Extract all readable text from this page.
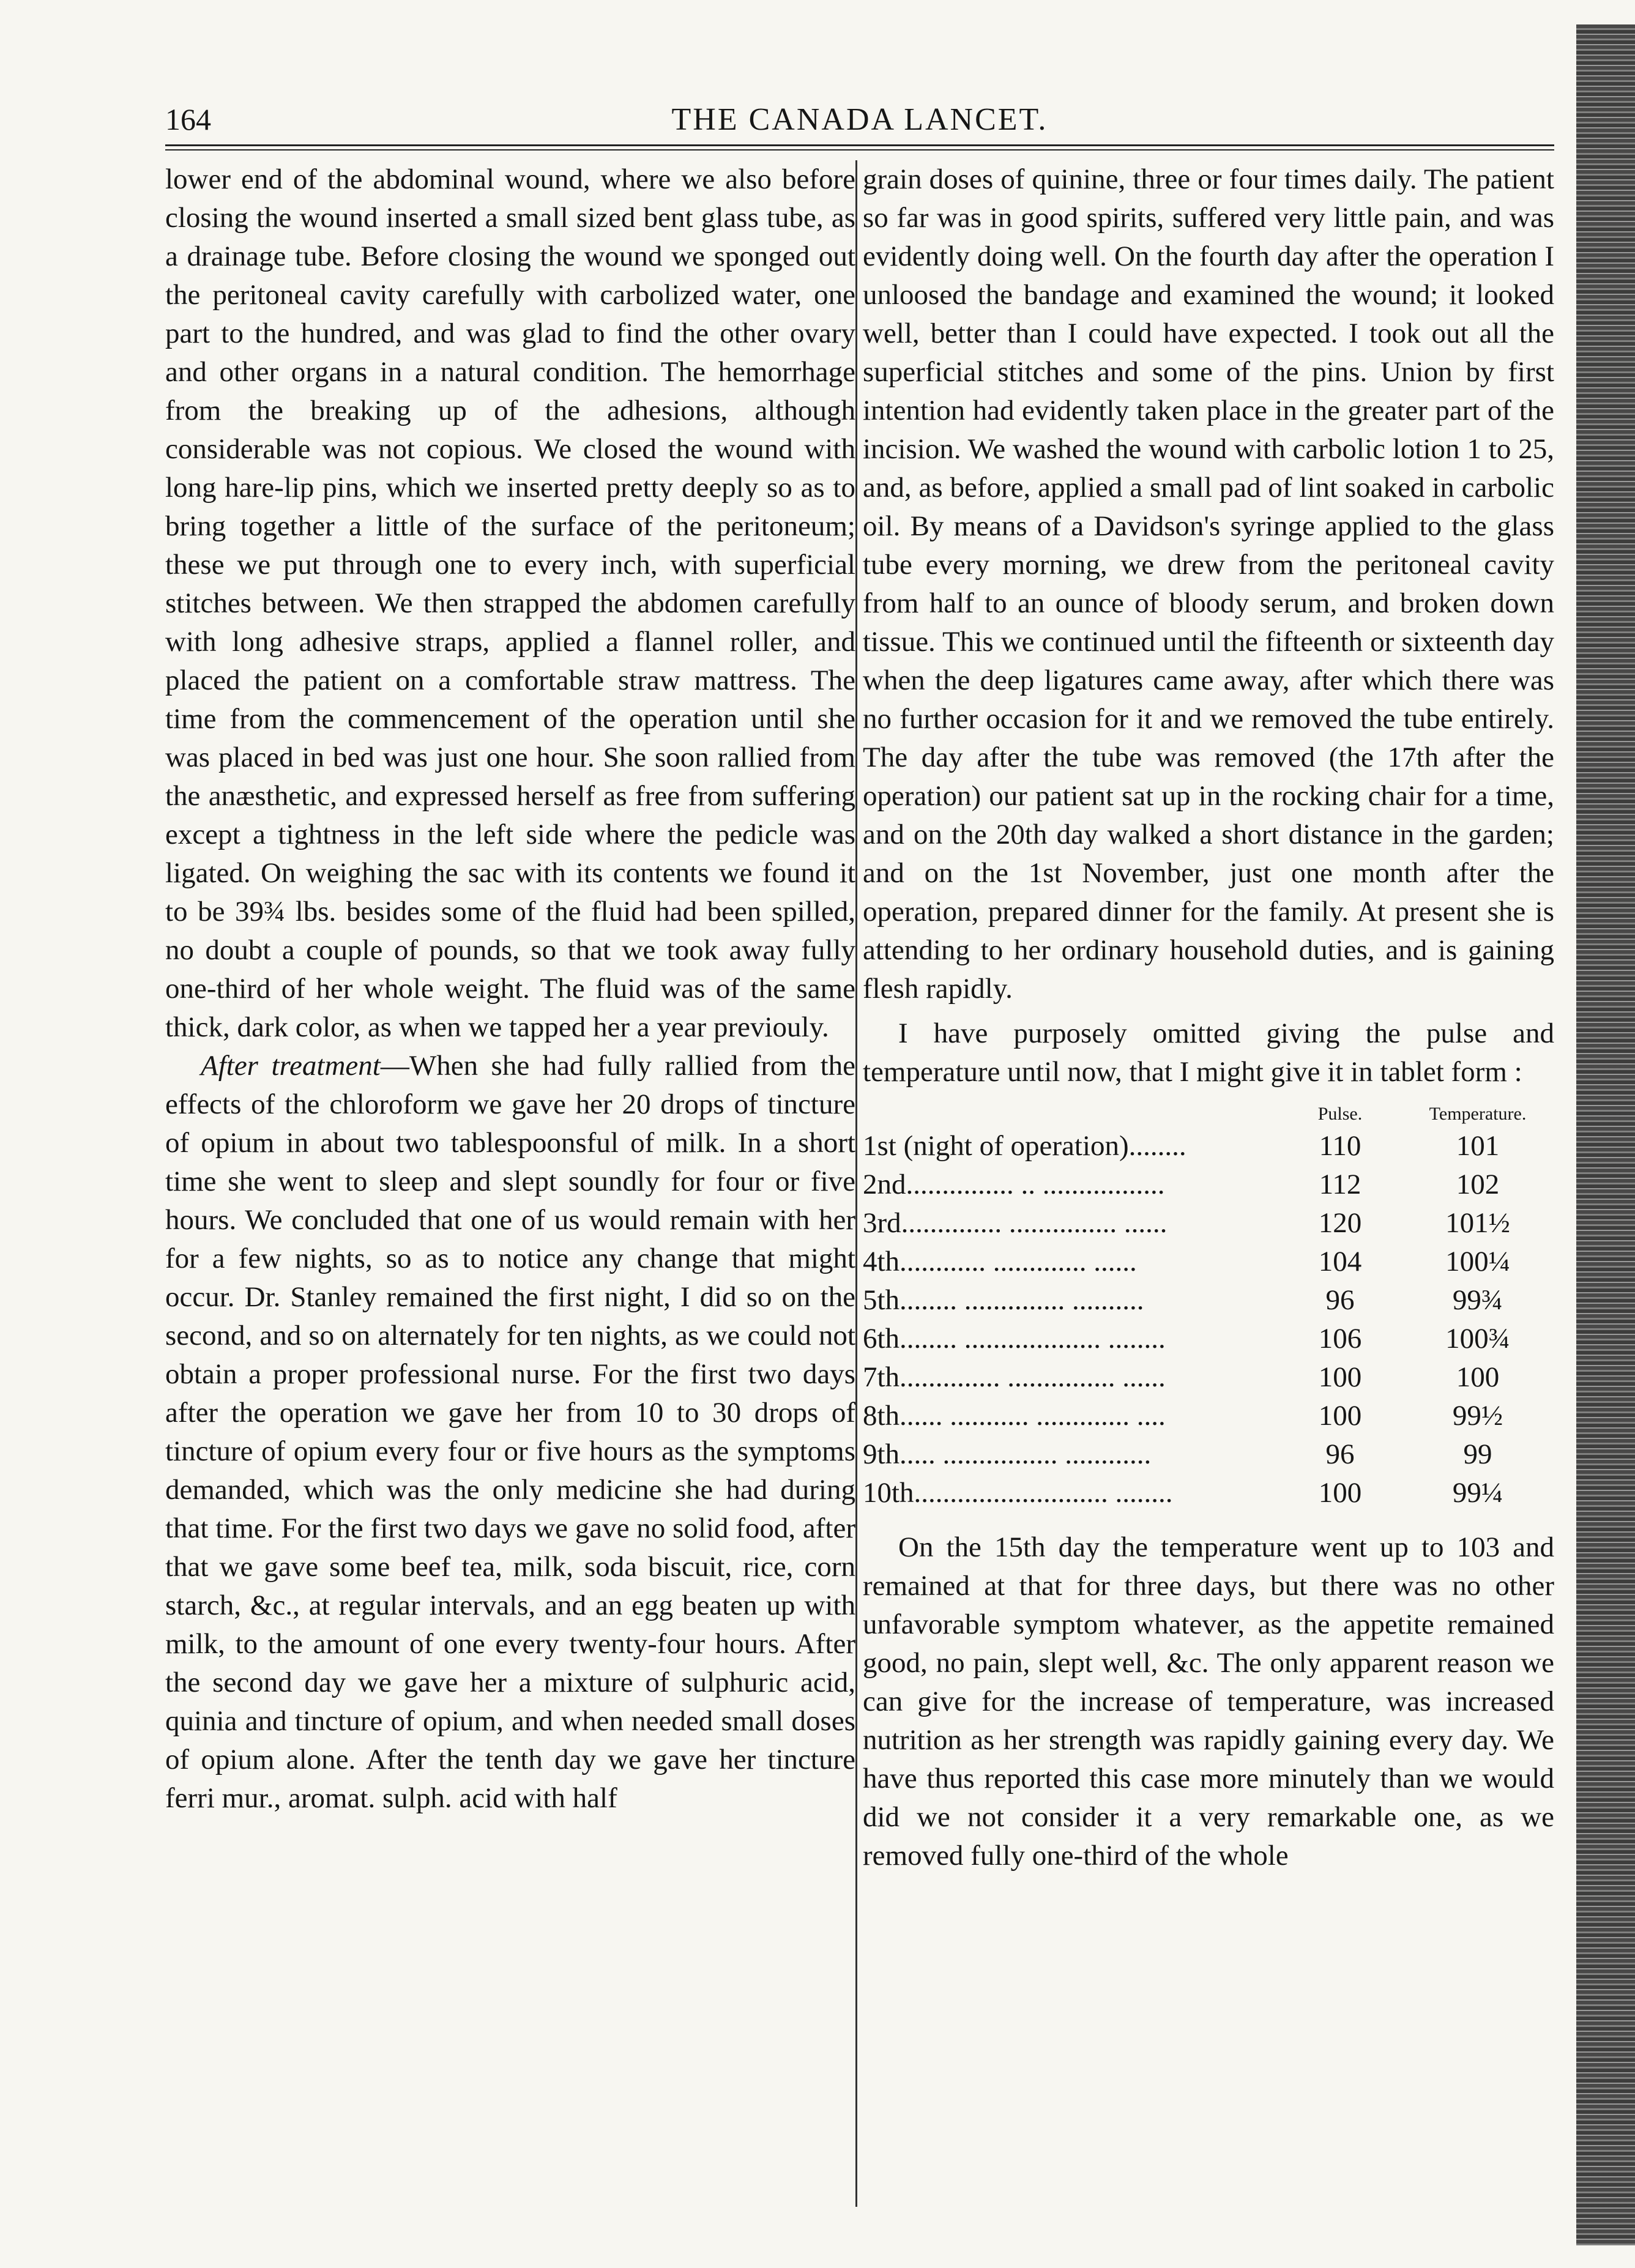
164	THE CANADA LANCET.

lower end of the abdominal wound, where we also before closing the wound inserted a small sized bent glass tube, as a drainage tube. Before closing the wound we sponged out the peritoneal cavity carefully with carbolized water, one part to the hundred, and was glad to find the other ovary and other organs in a natural condition. The hemorrhage from the breaking up of the adhesions, although considerable was not copious. We closed the wound with long hare-lip pins, which we inserted pretty deeply so as to bring together a little of the surface of the peritoneum; these we put through one to every inch, with superficial stitches between. We then strapped the abdomen carefully with long adhesive straps, applied a flannel roller, and placed the patient on a comfortable straw mattress. The time from the commencement of the operation until she was placed in bed was just one hour. She soon rallied from the anæsthetic, and expressed herself as free from suffering except a tightness in the left side where the pedicle was ligated. On weighing the sac with its contents we found it to be 39¾ lbs. besides some of the fluid had been spilled, no doubt a couple of pounds, so that we took away fully one-third of her whole weight. The fluid was of the same thick, dark color, as when we tapped her a year previouly.

After treatment—When she had fully rallied from the effects of the chloroform we gave her 20 drops of tincture of opium in about two tablespoonsful of milk. In a short time she went to sleep and slept soundly for four or five hours. We concluded that one of us would remain with her for a few nights, so as to notice any change that might occur. Dr. Stanley remained the first night, I did so on the second, and so on alternately for ten nights, as we could not obtain a proper professional nurse. For the first two days after the operation we gave her from 10 to 30 drops of tincture of opium every four or five hours as the symptoms demanded, which was the only medicine she had during that time. For the first two days we gave no solid food, after that we gave some beef tea, milk, soda biscuit, rice, corn starch, &c., at regular intervals, and an egg beaten up with milk, to the amount of one every twenty-four hours. After the second day we gave her a mixture of sulphuric acid, quinia and tincture of opium, and when needed small doses of opium alone. After the tenth day we gave her tincture ferri mur., aromat. sulph. acid with half

grain doses of quinine, three or four times daily. The patient so far was in good spirits, suffered very little pain, and was evidently doing well. On the fourth day after the operation I unloosed the bandage and examined the wound; it looked well, better than I could have expected. I took out all the superficial stitches and some of the pins. Union by first intention had evidently taken place in the greater part of the incision. We washed the wound with carbolic lotion 1 to 25, and, as before, applied a small pad of lint soaked in carbolic oil. By means of a Davidson's syringe applied to the glass tube every morning, we drew from the peritoneal cavity from half to an ounce of bloody serum, and broken down tissue. This we continued until the fifteenth or sixteenth day when the deep ligatures came away, after which there was no further occasion for it and we removed the tube entirely. The day after the tube was removed (the 17th after the operation) our patient sat up in the rocking chair for a time, and on the 20th day walked a short distance in the garden; and on the 1st November, just one month after the operation, prepared dinner for the family. At present she is attending to her ordinary household duties, and is gaining flesh rapidly.

I have purposely omitted giving the pulse and temperature until now, that I might give it in tablet form :

	Pulse.	Temperature.
1st (night of operation)........	110	101
2nd............... .. .................	112	102
3rd.............. ............... ......	120	101½
4th............ ............. ......	104	100¼
5th........ .............. ..........	96	99¾
6th........ ................... ........	106	100¾
7th.............. ............... ......	100	100
8th...... ........... ............. ....	100	99½
9th..... ................ ............	96	99
10th........................... ........	100	99¼

On the 15th day the temperature went up to 103 and remained at that for three days, but there was no other unfavorable symptom whatever, as the appetite remained good, no pain, slept well, &c. The only apparent reason we can give for the increase of temperature, was increased nutrition as her strength was rapidly gaining every day. We have thus reported this case more minutely than we would did we not consider it a very remarkable one, as we removed fully one-third of the whole
